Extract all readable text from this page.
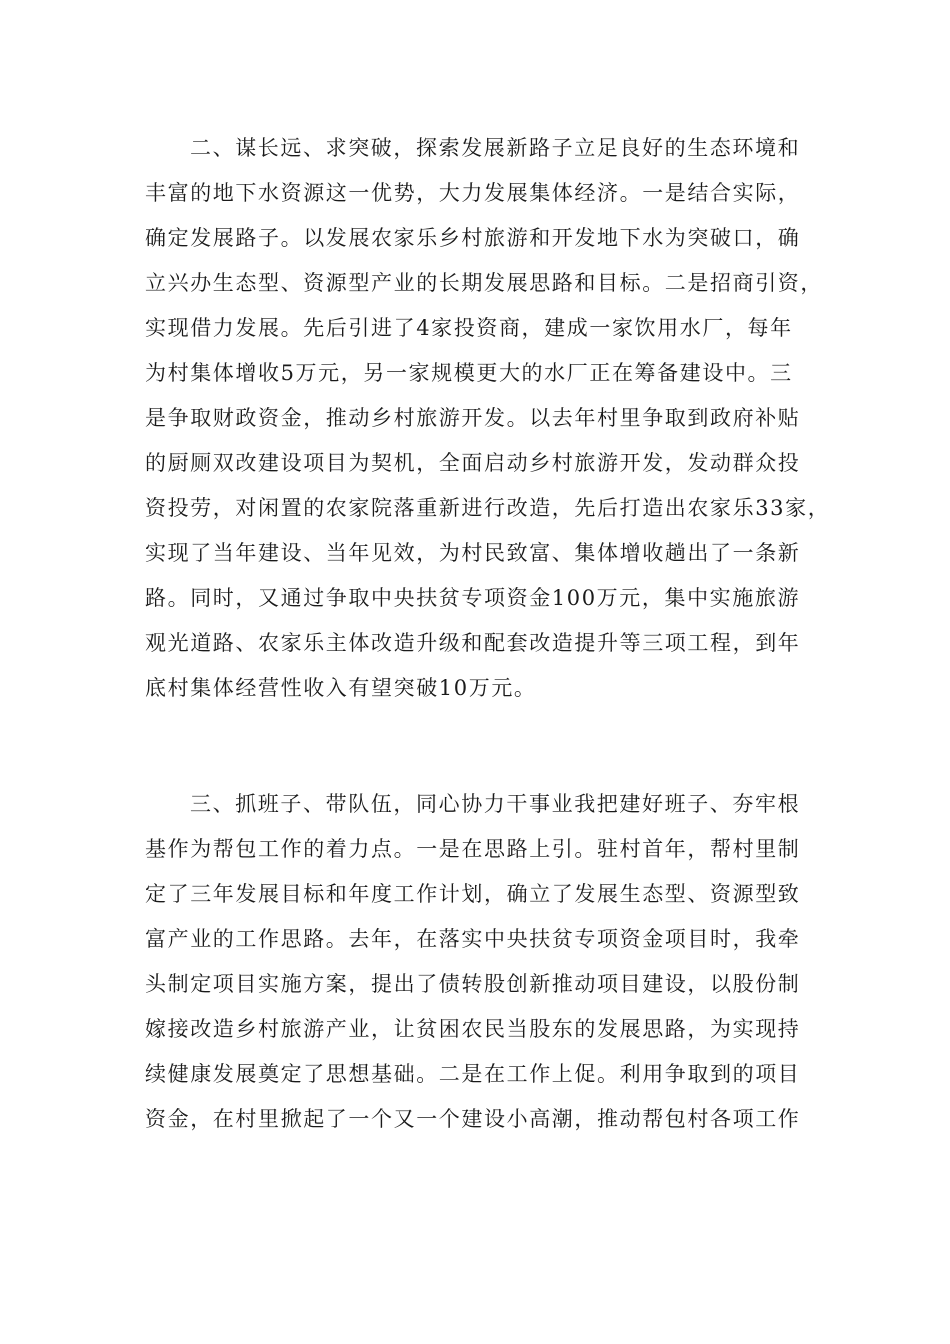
二、谋长远、求突破，探索发展新路子立足良好的生态环境和
丰富的地下水资源这一优势，大力发展集体经济。一是结合实际，
确定发展路子。以发展农家乐乡村旅游和开发地下水为突破口，确
立兴办生态型、资源型产业的长期发展思路和目标。二是招商引资，
实现借力发展。先后引进了4家投资商，建成一家饮用水厂，每年
为村集体增收5万元，另一家规模更大的水厂正在筹备建设中。三
是争取财政资金，推动乡村旅游开发。以去年村里争取到政府补贴
的厨厕双改建设项目为契机，全面启动乡村旅游开发，发动群众投
资投劳，对闲置的农家院落重新进行改造，先后打造出农家乐33家，
实现了当年建设、当年见效，为村民致富、集体增收趟出了一条新
路。同时，又通过争取中央扶贫专项资金100万元，集中实施旅游
观光道路、农家乐主体改造升级和配套改造提升等三项工程，到年
底村集体经营性收入有望突破10万元。
三、抓班子、带队伍，同心协力干事业我把建好班子、夯牢根
基作为帮包工作的着力点。一是在思路上引。驻村首年，帮村里制
定了三年发展目标和年度工作计划，确立了发展生态型、资源型致
富产业的工作思路。去年，在落实中央扶贫专项资金项目时，我牵
头制定项目实施方案，提出了债转股创新推动项目建设，以股份制
嫁接改造乡村旅游产业，让贫困农民当股东的发展思路，为实现持
续健康发展奠定了思想基础。二是在工作上促。利用争取到的项目
资金，在村里掀起了一个又一个建设小高潮，推动帮包村各项工作
